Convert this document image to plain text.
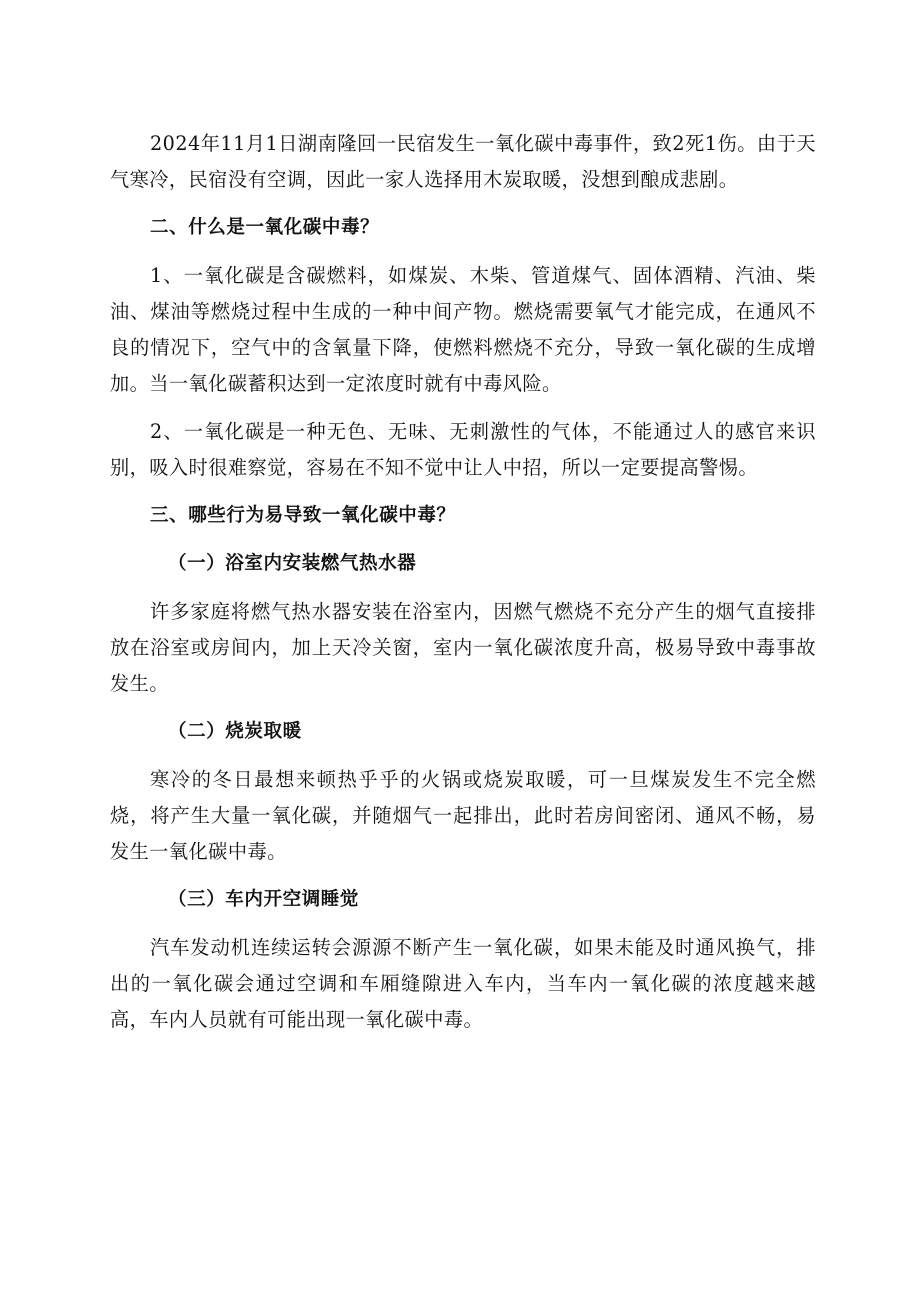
2024年11月1日湖南隆回一民宿发生一氧化碳中毒事件，致2死1伤。由于天气寒冷，民宿没有空调，因此一家人选择用木炭取暖，没想到酿成悲剧。

二、什么是一氧化碳中毒？

1、一氧化碳是含碳燃料，如煤炭、木柴、管道煤气、固体酒精、汽油、柴油、煤油等燃烧过程中生成的一种中间产物。燃烧需要氧气才能完成，在通风不良的情况下，空气中的含氧量下降，使燃料燃烧不充分，导致一氧化碳的生成增加。当一氧化碳蓄积达到一定浓度时就有中毒风险。

2、一氧化碳是一种无色、无味、无刺激性的气体，不能通过人的感官来识别，吸入时很难察觉，容易在不知不觉中让人中招，所以一定要提高警惕。

三、哪些行为易导致一氧化碳中毒？

（一）浴室内安装燃气热水器

许多家庭将燃气热水器安装在浴室内，因燃气燃烧不充分产生的烟气直接排放在浴室或房间内，加上天冷关窗，室内一氧化碳浓度升高，极易导致中毒事故发生。

（二）烧炭取暖

寒冷的冬日最想来顿热乎乎的火锅或烧炭取暖，可一旦煤炭发生不完全燃烧，将产生大量一氧化碳，并随烟气一起排出，此时若房间密闭、通风不畅，易发生一氧化碳中毒。

（三）车内开空调睡觉

汽车发动机连续运转会源源不断产生一氧化碳，如果未能及时通风换气，排出的一氧化碳会通过空调和车厢缝隙进入车内，当车内一氧化碳的浓度越来越高，车内人员就有可能出现一氧化碳中毒。
